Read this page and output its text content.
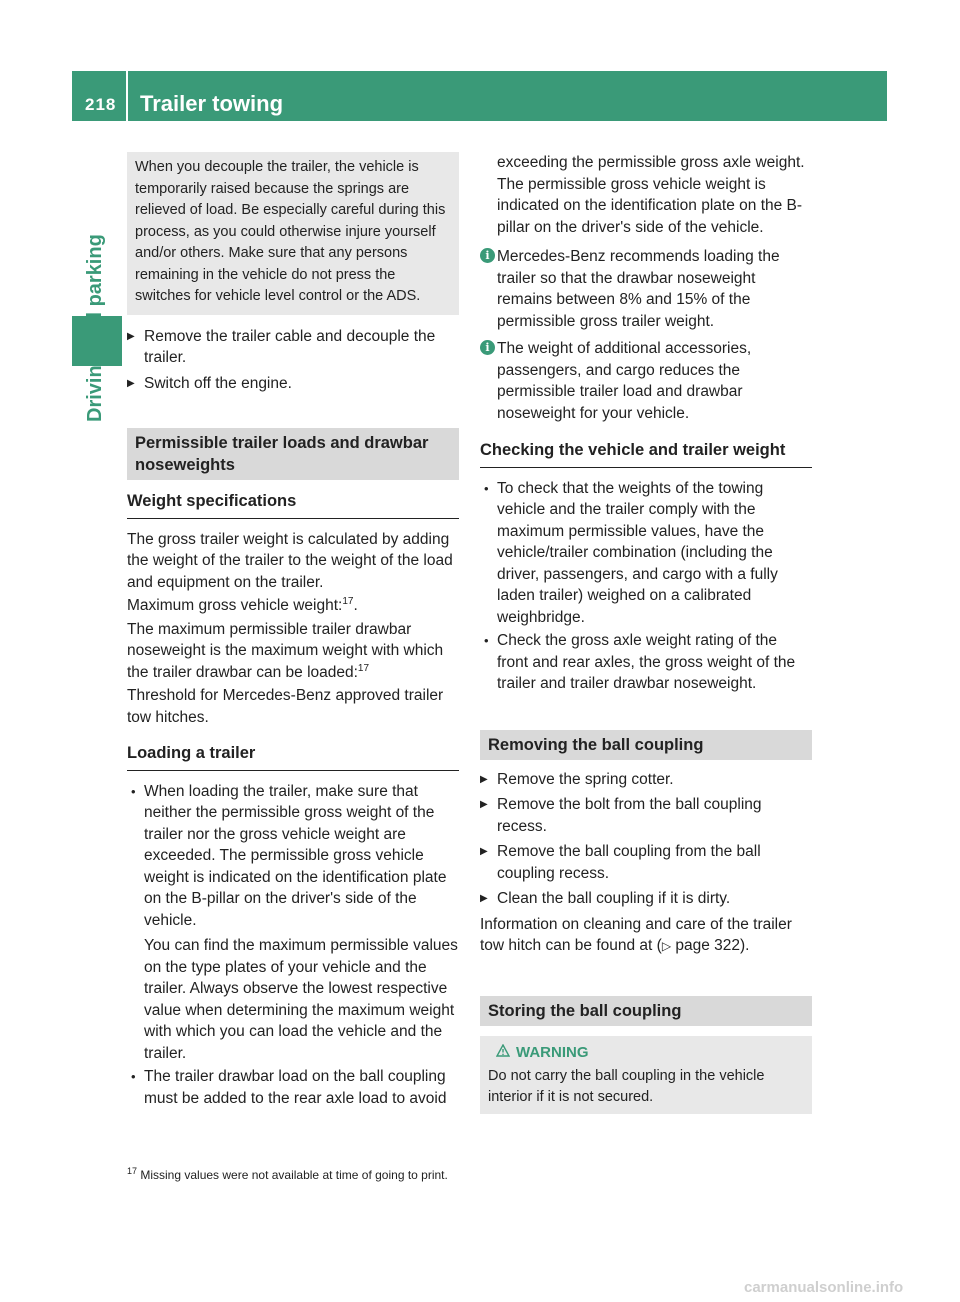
218 Trailer towing

When you decouple the trailer, the vehicle is temporarily raised because the springs are relieved of load. Be especially careful during this process, as you could otherwise injure yourself and/or others. Make sure that any persons remaining in the vehicle do not press the switches for vehicle level control or the ADS.

▶ Remove the trailer cable and decouple the trailer.

▶ Switch off the engine.

Permissible trailer loads and drawbar noseweights

Weight specifications

The gross trailer weight is calculated by adding the weight of the trailer to the weight of the load and equipment on the trailer.

Maximum gross vehicle weight:$^{17}$.

The maximum permissible trailer drawbar noseweight is the maximum weight with which the trailer drawbar can be loaded:$^{17}$

Threshold for Mercedes-Benz approved trailer tow hitches.

Loading a trailer

• When loading the trailer, make sure that neither the permissible gross weight of the trailer nor the gross vehicle weight are exceeded. The permissible gross vehicle weight is indicated on the identification plate on the B-pillar on the driver's side of the vehicle.

You can find the maximum permissible values on the type plates of your vehicle and the trailer. Always observe the lowest respective value when determining the maximum weight with which you can load the vehicle and the trailer.

• The trailer drawbar load on the ball coupling must be added to the rear axle load to avoid

exceeding the permissible gross axle weight. The permissible gross vehicle weight is indicated on the identification plate on the B-pillar on the driver's side of the vehicle.

i Mercedes-Benz recommends loading the trailer so that the drawbar noseweight remains between 8% and 15% of the permissible gross trailer weight.
i The weight of additional accessories, passengers, and cargo reduces the permissible trailer load and drawbar noseweight for your vehicle.

Checking the vehicle and trailer weight

• To check that the weights of the towing vehicle and the trailer comply with the maximum permissible values, have the vehicle/trailer combination (including the driver, passengers, and cargo with a fully laden trailer) weighed on a calibrated weighbridge.

• Check the gross axle weight rating of the front and rear axles, the gross weight of the trailer and trailer drawbar noseweight.

Removing the ball coupling

▶ Remove the spring cotter.

▶ Remove the bolt from the ball coupling recess.

▶ Remove the ball coupling from the ball coupling recess.

▶ Clean the ball coupling if it is dirty.

Information on cleaning and care of the trailer tow hitch can be found at (▷ page 322).

Storing the ball coupling

WARNING

Do not carry the ball coupling in the vehicle interior if it is not secured.

$^{17}$ Missing values were not available at time of going to print.
carmanualsonline.info
